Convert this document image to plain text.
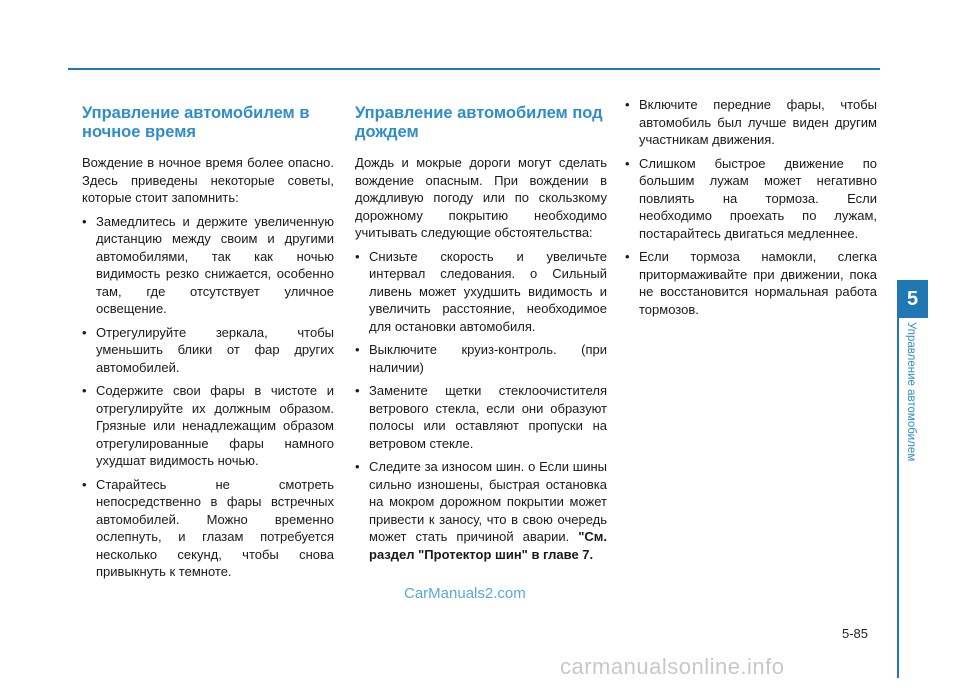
Управление автомобилем в ночное время

Вождение в ночное время более опасно. Здесь приведены некоторые советы, которые стоит запомнить:

• Замедлитесь и держите увеличенную дистанцию между своим и другими автомобилями, так как ночью видимость резко снижается, особенно там, где отсутствует уличное освещение.
• Отрегулируйте зеркала, чтобы уменьшить блики от фар других автомобилей.
• Содержите свои фары в чистоте и отрегулируйте их должным образом. Грязные или ненадлежащим образом отрегулированные фары намного ухудшат видимость ночью.
• Старайтесь не смотреть непосредственно в фары встречных автомобилей. Можно временно ослепнуть, и глазам потребуется несколько секунд, чтобы снова привыкнуть к темноте.
Управление автомобилем под дождем

Дождь и мокрые дороги могут сделать вождение опасным. При вождении в дождливую погоду или по скользкому дорожному покрытию необходимо учитывать следующие обстоятельства:

• Снизьте скорость и увеличьте интервал следования. о Сильный ливень может ухудшить видимость и увеличить расстояние, необходимое для остановки автомобиля.
• Выключите круиз-контроль. (при наличии)
• Замените щетки стеклоочистителя ветрового стекла, если они образуют полосы или оставляют пропуски на ветровом стекле.
• Следите за износом шин. о Если шины сильно изношены, быстрая остановка на мокром дорожном покрытии может привести к заносу, что в свою очередь может стать причиной аварии. "См. раздел "Протектор шин" в главе 7.
• Включите передние фары, чтобы автомобиль был лучше виден другим участникам движения.
• Слишком быстрое движение по большим лужам может негативно повлиять на тормоза. Если необходимо проехать по лужам, постарайтесь двигаться медленнее.
• Если тормоза намокли, слегка притормаживайте при движении, пока не восстановится нормальная работа тормозов.	5
Управление автомобилем
5-85
CarManuals2.com
carmanualsonline.info
